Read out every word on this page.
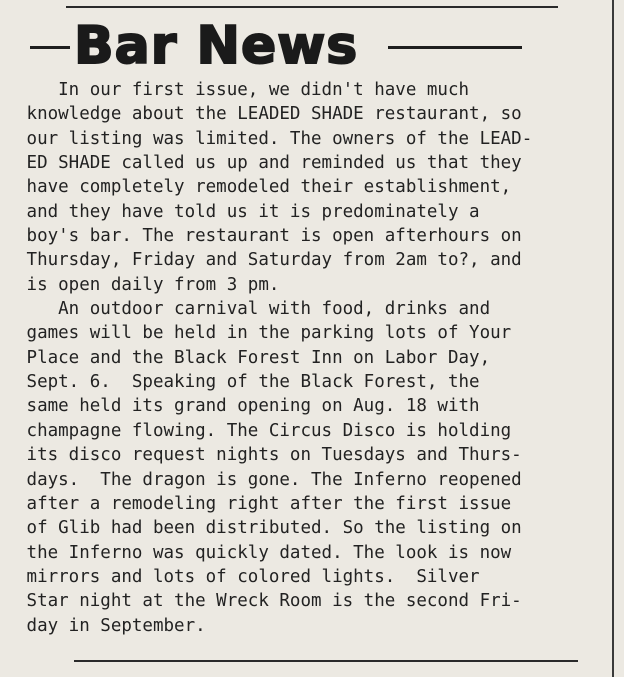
Bar News
In our first issue, we didn't have much
knowledge about the LEADED SHADE restaurant, so
our listing was limited. The owners of the LEAD-
ED SHADE called us up and reminded us that they
have completely remodeled their establishment,
and they have told us it is predominately a
boy's bar. The restaurant is open afterhours on
Thursday, Friday and Saturday from 2am to?, and
is open daily from 3 pm.
An outdoor carnival with food, drinks and
games will be held in the parking lots of Your
Place and the Black Forest Inn on Labor Day,
Sept. 6.  Speaking of the Black Forest, the
same held its grand opening on Aug. 18 with
champagne flowing. The Circus Disco is holding
its disco request nights on Tuesdays and Thurs-
days.  The dragon is gone. The Inferno reopened
after a remodeling right after the first issue
of Glib had been distributed. So the listing on
the Inferno was quickly dated. The look is now
mirrors and lots of colored lights.  Silver
Star night at the Wreck Room is the second Fri-
day in September.
